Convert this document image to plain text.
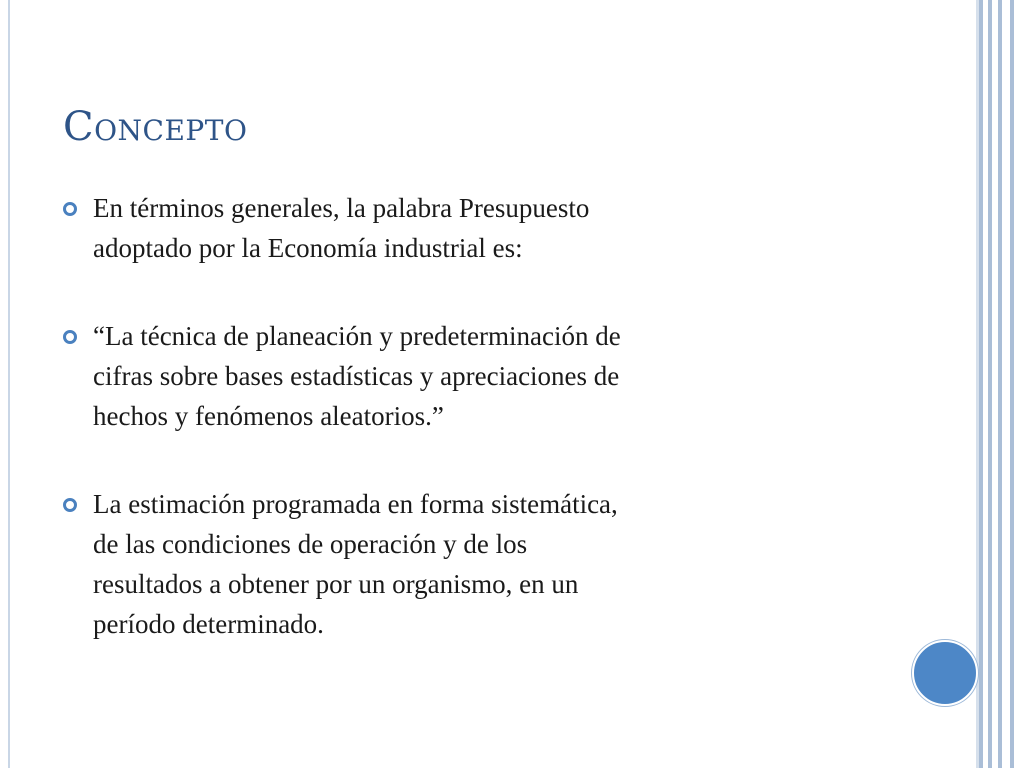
Concepto
En términos generales, la palabra Presupuesto
adoptado por la Economía industrial es:
“La técnica de planeación y predeterminación de
cifras sobre bases estadísticas y apreciaciones de
hechos y fenómenos aleatorios.”
La estimación programada en forma sistemática,
de las condiciones de operación y de los
resultados a obtener por un organismo, en un
período determinado.
